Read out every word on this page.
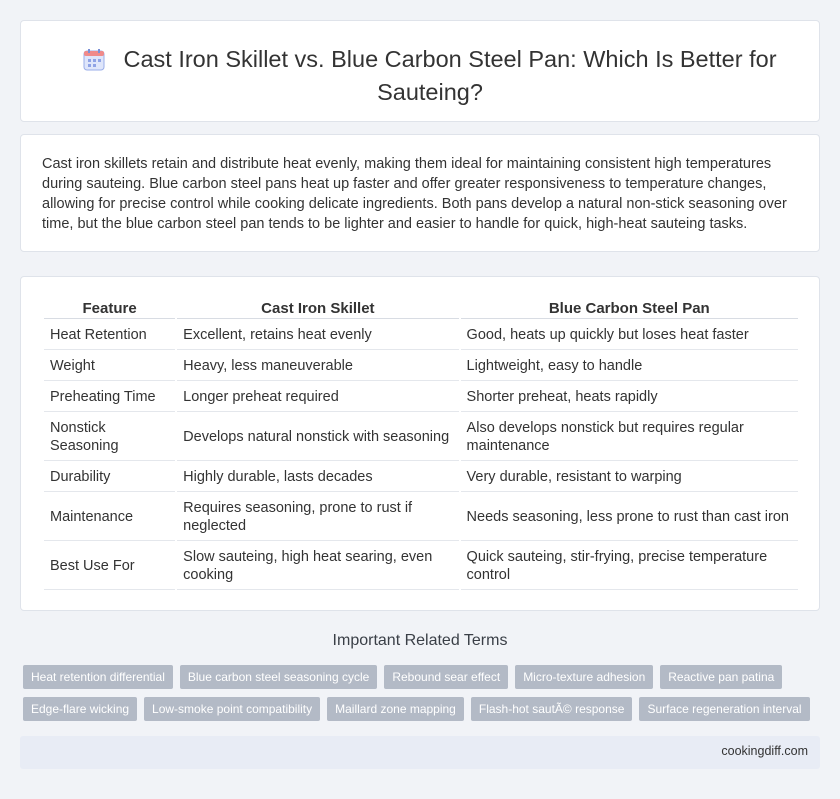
Cast Iron Skillet vs. Blue Carbon Steel Pan: Which Is Better for Sauteing?

Cast iron skillets retain and distribute heat evenly, making them ideal for maintaining consistent high temperatures during sauteing. Blue carbon steel pans heat up faster and offer greater responsiveness to temperature changes, allowing for precise control while cooking delicate ingredients. Both pans develop a natural non-stick seasoning over time, but the blue carbon steel pan tends to be lighter and easier to handle for quick, high-heat sauteing tasks.

Feature	Cast Iron Skillet	Blue Carbon Steel Pan
Heat Retention	Excellent, retains heat evenly	Good, heats up quickly but loses heat faster
Weight	Heavy, less maneuverable	Lightweight, easy to handle
Preheating Time	Longer preheat required	Shorter preheat, heats rapidly
Nonstick Seasoning	Develops natural nonstick with seasoning	Also develops nonstick but requires regular maintenance
Durability	Highly durable, lasts decades	Very durable, resistant to warping
Maintenance	Requires seasoning, prone to rust if neglected	Needs seasoning, less prone to rust than cast iron
Best Use For	Slow sauteing, high heat searing, even cooking	Quick sauteing, stir-frying, precise temperature control
Important Related Terms
Heat retention differential	Blue carbon steel seasoning cycle	Rebound sear effect	Micro-texture adhesion	Reactive pan patina
Edge-flare wicking	Low-smoke point compatibility	Maillard zone mapping	Flash-hot sautÃ© response	Surface regeneration interval
cookingdiff.com
